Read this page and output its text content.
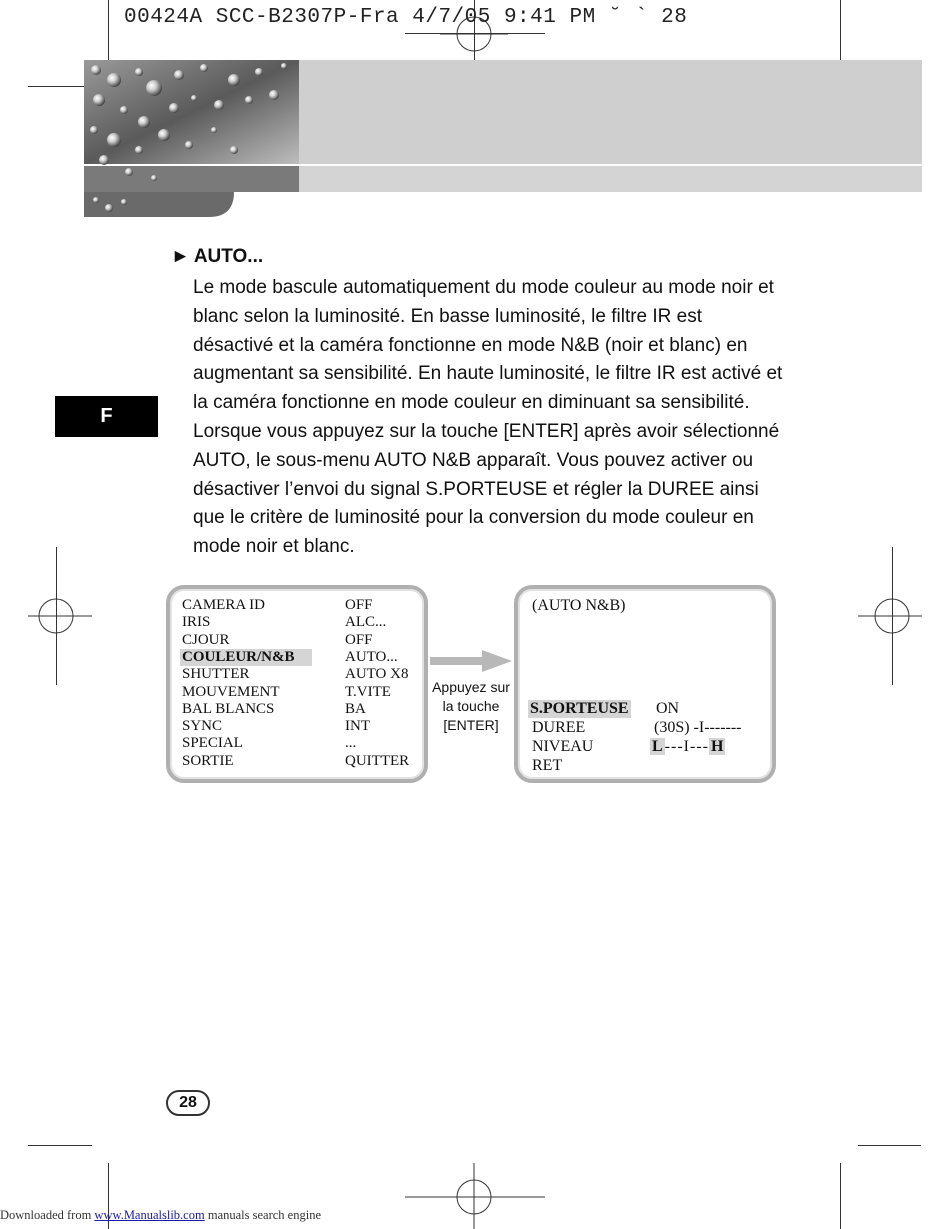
00424A SCC-B2307P-Fra 4/7/05 9:41 PM ˘ ` 28
F
► AUTO...

Le mode bascule automatiquement du mode couleur au mode noir et blanc selon la luminosité. En basse luminosité, le filtre IR est désactivé et la caméra fonctionne en mode N&B (noir et blanc) en augmentant sa sensibilité. En haute luminosité, le filtre IR est activé et la caméra fonctionne en mode couleur en diminuant sa sensibilité.

Lorsque vous appuyez sur la touche [ENTER] après avoir sélectionné AUTO, le sous-menu AUTO N&B apparaît. Vous pouvez activer ou désactiver l’envoi du signal S.PORTEUSE et régler la DUREE ainsi que le critère de luminosité pour la conversion du mode couleur en mode noir et blanc.

CAMERA ID	OFF
IRIS	ALC...
CJOUR	OFF
COULEUR/N&B	AUTO...
SHUTTER	AUTO X8
MOUVEMENT	T.VITE
BAL BLANCS	BA
SYNC	INT
SPECIAL	...
SORTIE	QUITTER
Appuyez sur
la touche
[ENTER]
(AUTO N&B)
S.PORTEUSE ON
DUREE	(30S) -I-------
NIVEAU	L ---I--- H
RET
28
Downloaded from www.Manualslib.com manuals search engine
